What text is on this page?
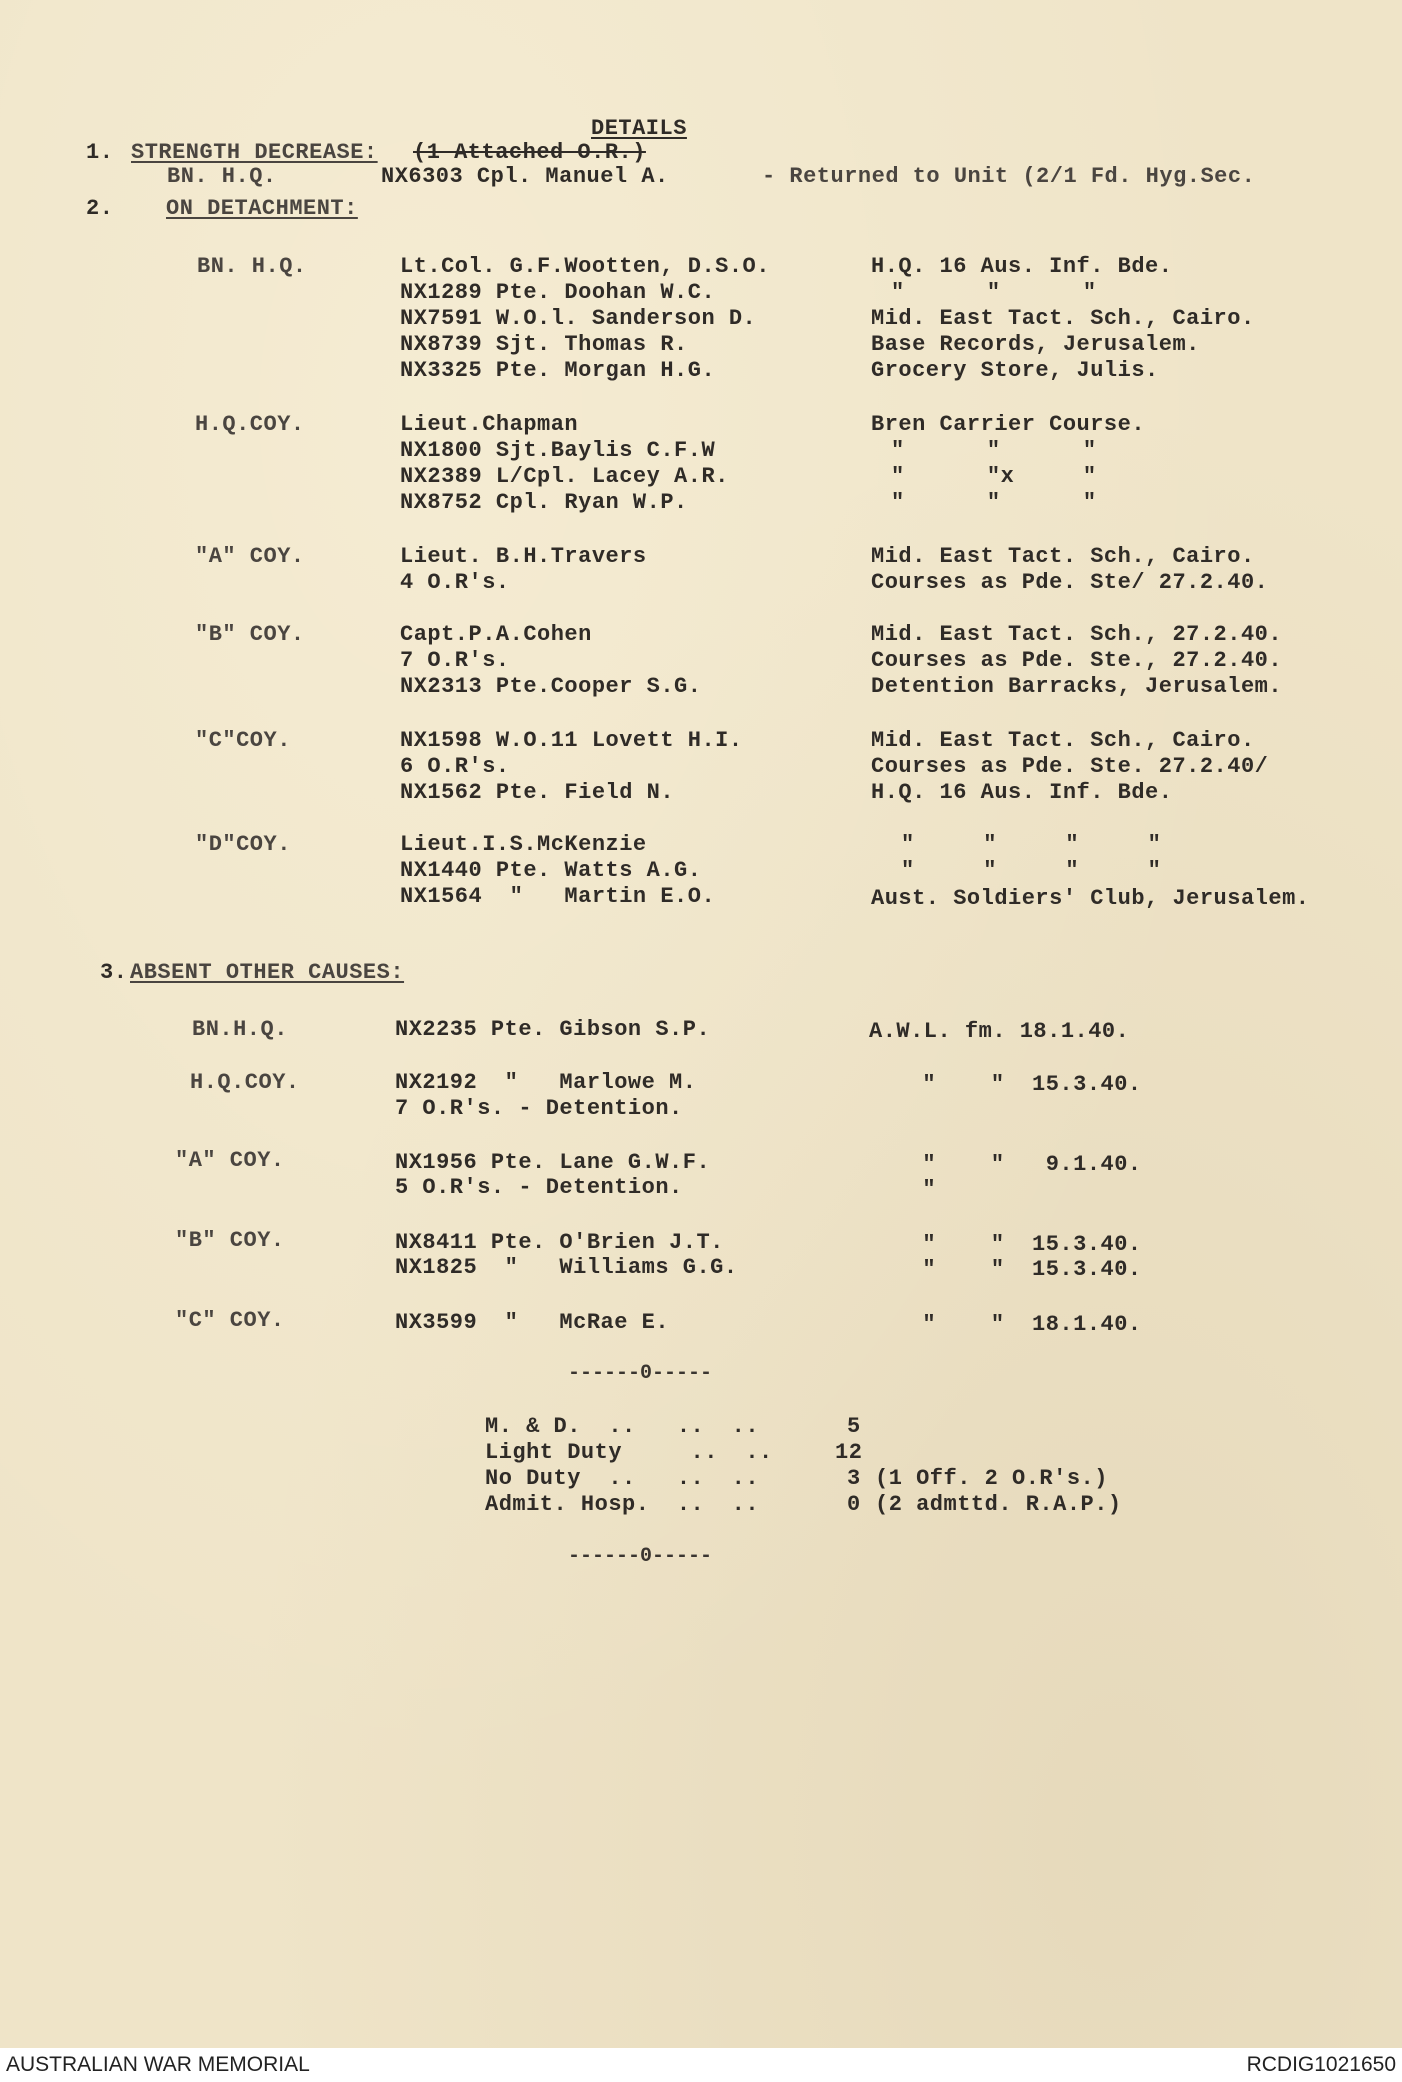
DETAILS
1. STRENGTH DECREASE: (1 Attached O.R.)
BN. H.Q.	NX6303 Cpl. Manuel A.	- Returned to Unit (2/1 Fd. Hyg.Sec.
2. ON DETACHMENT:
BN. H.Q.	Lt.Col. G.F.Wootten, D.S.O.	H.Q. 16 Aus. Inf. Bde.
NX1289 Pte. Doohan W.C.	"      "      "
NX7591 W.O.l. Sanderson D.	Mid. East Tact. Sch., Cairo.
NX8739 Sjt. Thomas R.	Base Records, Jerusalem.
NX3325 Pte. Morgan H.G.	Grocery Store, Julis.
H.Q.COY.	Lieut.Chapman	Bren Carrier Course.
NX1800 Sjt.Baylis C.F.W	"      "      "
NX2389 L/Cpl. Lacey A.R.	"      "x     "
NX8752 Cpl. Ryan W.P.	"      "      "
"A" COY.	Lieut. B.H.Travers	Mid. East Tact. Sch., Cairo.
4 O.R's.	Courses as Pde. Ste/ 27.2.40.
"B" COY.	Capt.P.A.Cohen	Mid. East Tact. Sch., 27.2.40.
7 O.R's.	Courses as Pde. Ste., 27.2.40.
NX2313 Pte.Cooper S.G.	Detention Barracks, Jerusalem.
"C"COY.	NX1598 W.O.11 Lovett H.I.	Mid. East Tact. Sch., Cairo.
6 O.R's.	Courses as Pde. Ste. 27.2.40/
NX1562 Pte. Field N.	H.Q. 16 Aus. Inf. Bde.
"D"COY.	Lieut.I.S.McKenzie	"     "     "     "
NX1440 Pte. Watts A.G.	"     "     "     "
NX1564  "   Martin E.O.	Aust. Soldiers' Club, Jerusalem.
3. ABSENT OTHER CAUSES:
BN.H.Q.	NX2235 Pte. Gibson S.P.	A.W.L. fm. 18.1.40.
H.Q.COY.	NX2192  "   Marlowe M.	"    "  15.3.40.
7 O.R's. - Detention.
"A" COY.	NX1956 Pte. Lane G.W.F.	"    "   9.1.40.
5 O.R's. - Detention.	"
"B" COY.	NX8411 Pte. O'Brien J.T.	"    "  15.3.40.
NX1825  "   Williams G.G.	"    "  15.3.40.
"C" COY.	NX3599  "   McRae E.	"    "  18.1.40.
------0-----
M. & D.  ..   ..  ..	5
Light Duty     ..  ..	12
No Duty  ..   ..  ..	3 (1 Off. 2 O.R's.)
Admit. Hosp.  ..  ..	0 (2 admttd. R.A.P.)
------0-----
AUSTRALIAN WAR MEMORIAL	RCDIG1021650
